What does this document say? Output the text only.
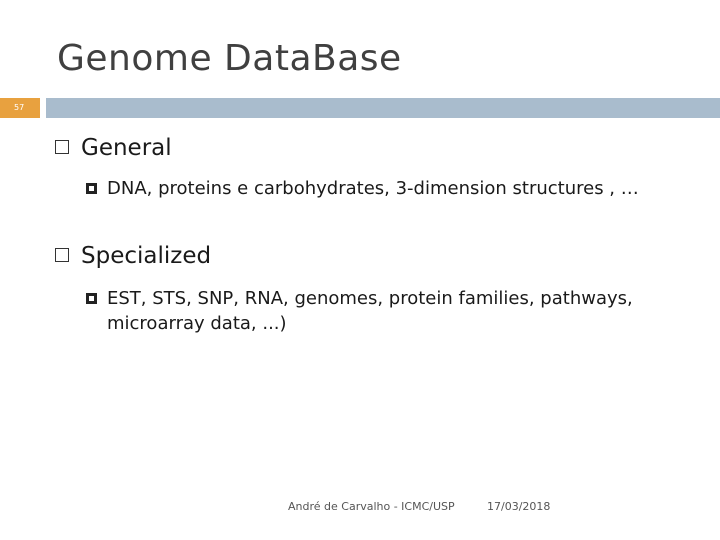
Genome DataBase
57
General
DNA, proteins e carbohydrates, 3-dimension structures , …
Specialized
EST, STS, SNP, RNA, genomes, protein families, pathways, microarray data, ...)
André de Carvalho - ICMC/USP	17/03/2018
